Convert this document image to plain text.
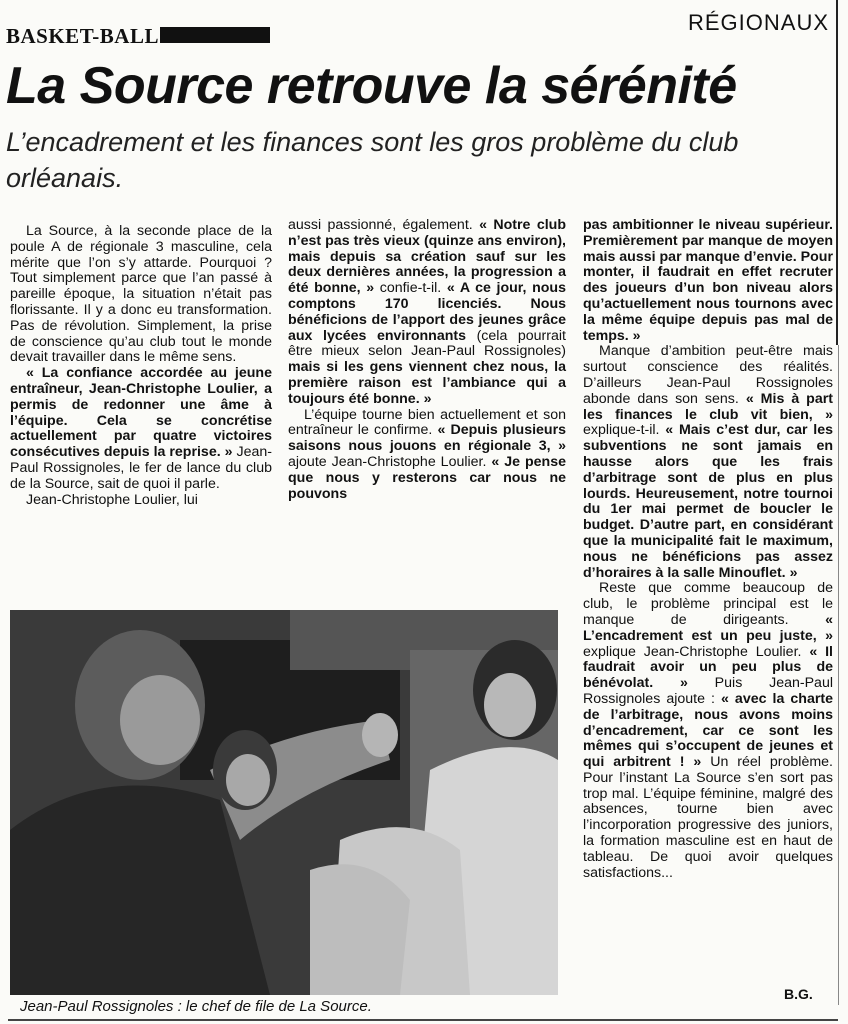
BASKET-BALL
RÉGIONAUX
La Source retrouve la sérénité

L’encadrement et les finances sont les gros problème du club orléanais.

La Source, à la seconde place de la poule A de régionale 3 masculine, cela mérite que l’on s’y attarde. Pourquoi ? Tout simplement parce que l’an passé à pareille époque, la situation n’était pas florissante. Il y a donc eu transformation. Pas de révolution. Simplement, la prise de conscience qu’au club tout le monde devait travailler dans le même sens.

« La confiance accordée au jeune entraîneur, Jean-Christophe Loulier, a permis de redonner une âme à l’équipe. Cela se concrétise actuellement par quatre victoires consécutives depuis la reprise. » Jean-Paul Rossignoles, le fer de lance du club de la Source, sait de quoi il parle.

Jean-Christophe Loulier, lui

aussi passionné, également. « Notre club n’est pas très vieux (quinze ans environ), mais depuis sa création sauf sur les deux dernières années, la progression a été bonne, » confie-t-il. « A ce jour, nous comptons 170 licenciés. Nous bénéficions de l’apport des jeunes grâce aux lycées environnants (cela pourrait être mieux selon Jean-Paul Rossignoles) mais si les gens viennent chez nous, la première raison est l’ambiance qui a toujours été bonne. »

L’équipe tourne bien actuellement et son entraîneur le confirme. « Depuis plusieurs saisons nous jouons en régionale 3, » ajoute Jean-Christophe Loulier. « Je pense que nous y resterons car nous ne pouvons

pas ambitionner le niveau supérieur. Premièrement par manque de moyen mais aussi par manque d’envie. Pour monter, il faudrait en effet recruter des joueurs d’un bon niveau alors qu’actuellement nous tournons avec la même équipe depuis pas mal de temps. »

Manque d’ambition peut-être mais surtout conscience des réalités. D’ailleurs Jean-Paul Rossignoles abonde dans son sens. « Mis à part les finances le club vit bien, » explique-t-il. « Mais c’est dur, car les subventions ne sont jamais en hausse alors que les frais d’arbitrage sont de plus en plus lourds. Heureusement, notre tournoi du 1er mai permet de boucler le budget. D’autre part, en considérant que la municipalité fait le maximum, nous ne bénéficions pas assez d’horaires à la salle Minouflet. »

Reste que comme beaucoup de club, le problème principal est le manque de dirigeants. « L’encadrement est un peu juste, » explique Jean-Christophe Loulier. « Il faudrait avoir un peu plus de bénévolat. » Puis Jean-Paul Rossignoles ajoute : « avec la charte de l’arbitrage, nous avons moins d’encadrement, car ce sont les mêmes qui s’occupent de jeunes et qui arbitrent ! » Un réel problème. Pour l’instant La Source s’en sort pas trop mal. L’équipe féminine, malgré des absences, tourne bien avec l’incorporation progressive des juniors, la formation masculine est en haut de tableau. De quoi avoir quelques satisfactions...

Jean-Paul Rossignoles : le chef de file de La Source.
B.G.
